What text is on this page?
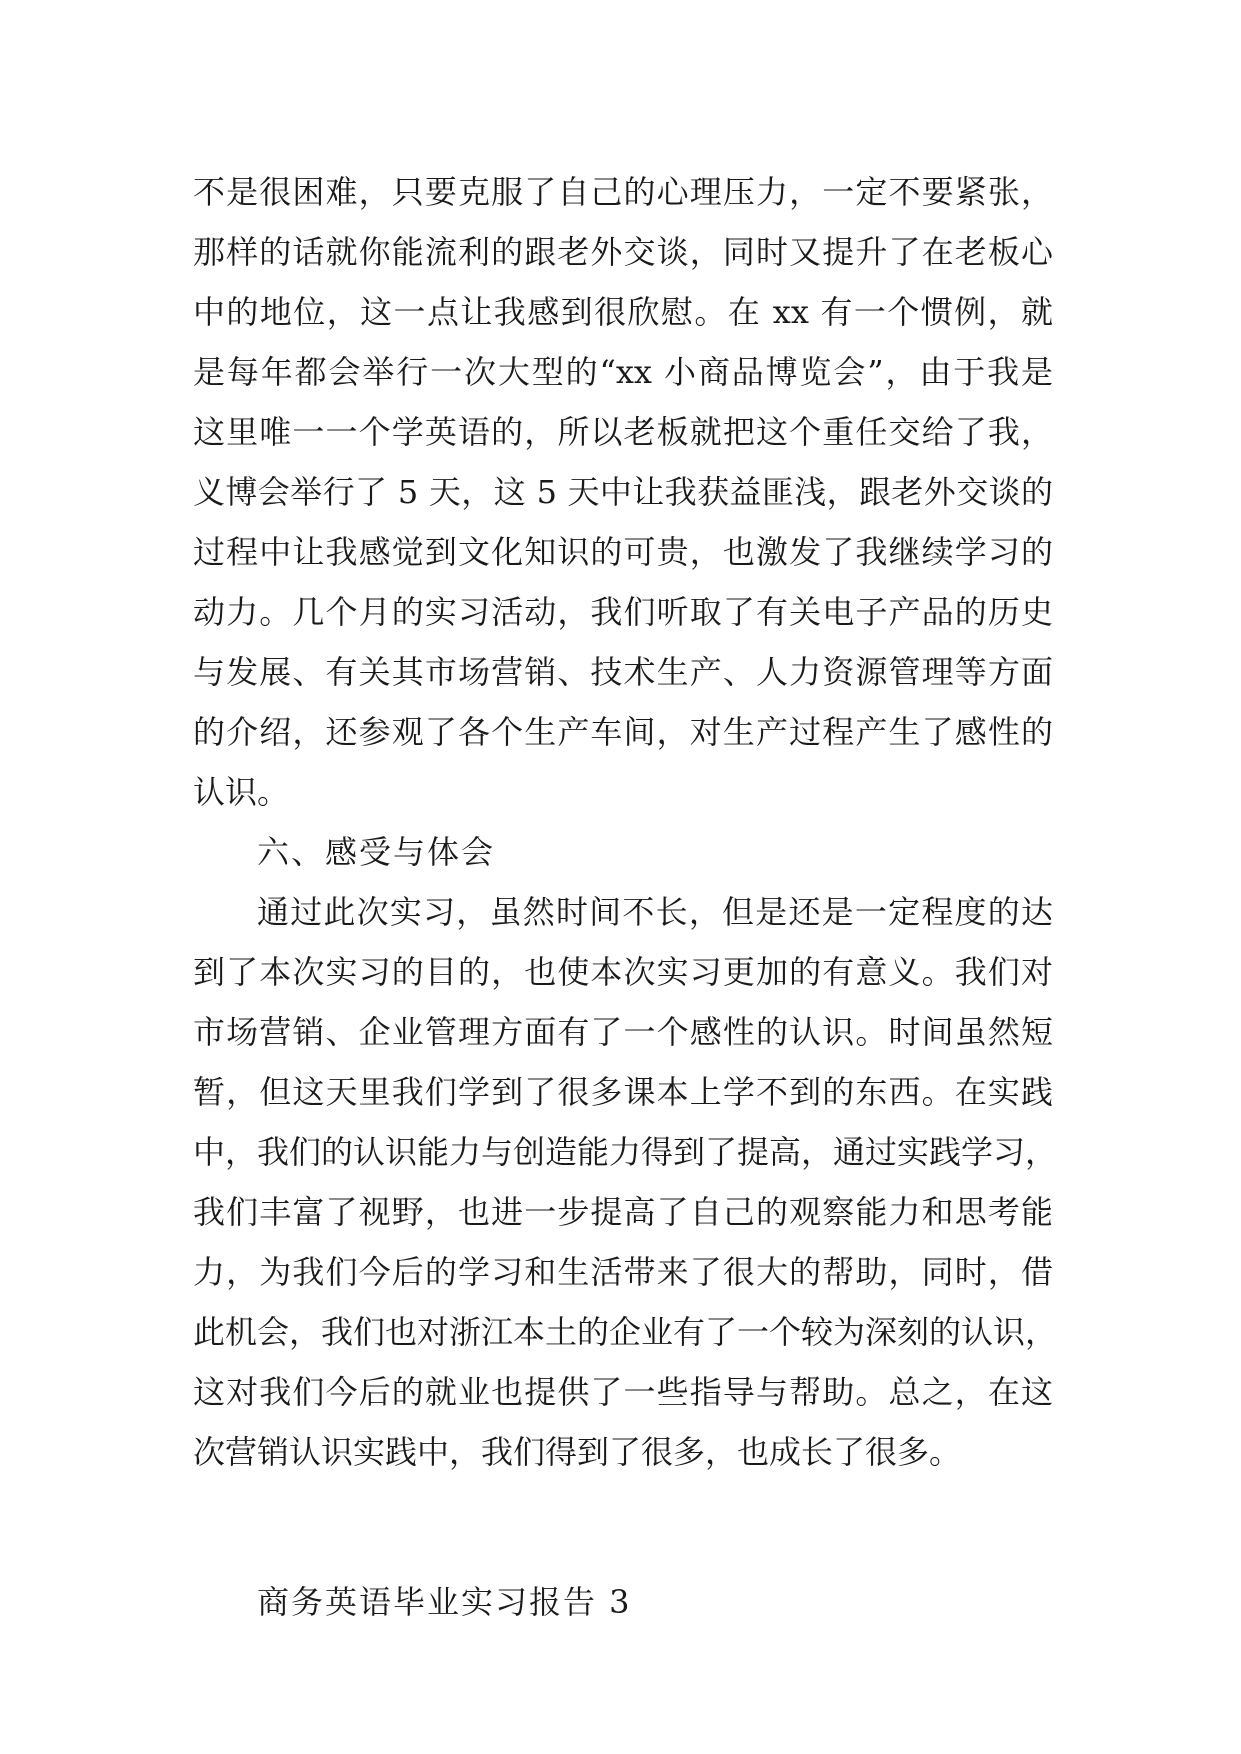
不是很困难，只要克服了自己的心理压力，一定不要紧张，
那样的话就你能流利的跟老外交谈，同时又提升了在老板心
中的地位，这一点让我感到很欣慰。在 xx 有一个惯例，就
是每年都会举行一次大型的“xx 小商品博览会”，由于我是
这里唯一一个学英语的，所以老板就把这个重任交给了我，
义博会举行了 5 天，这 5 天中让我获益匪浅，跟老外交谈的
过程中让我感觉到文化知识的可贵，也激发了我继续学习的
动力。几个月的实习活动，我们听取了有关电子产品的历史
与发展、有关其市场营销、技术生产、人力资源管理等方面
的介绍，还参观了各个生产车间，对生产过程产生了感性的
认识。
六、感受与体会
通过此次实习，虽然时间不长，但是还是一定程度的达
到了本次实习的目的，也使本次实习更加的有意义。我们对
市场营销、企业管理方面有了一个感性的认识。时间虽然短
暂，但这天里我们学到了很多课本上学不到的东西。在实践
中，我们的认识能力与创造能力得到了提高，通过实践学习，
我们丰富了视野，也进一步提高了自己的观察能力和思考能
力，为我们今后的学习和生活带来了很大的帮助，同时，借
此机会，我们也对浙江本土的企业有了一个较为深刻的认识，
这对我们今后的就业也提供了一些指导与帮助。总之，在这
次营销认识实践中，我们得到了很多，也成长了很多。
商务英语毕业实习报告 3
